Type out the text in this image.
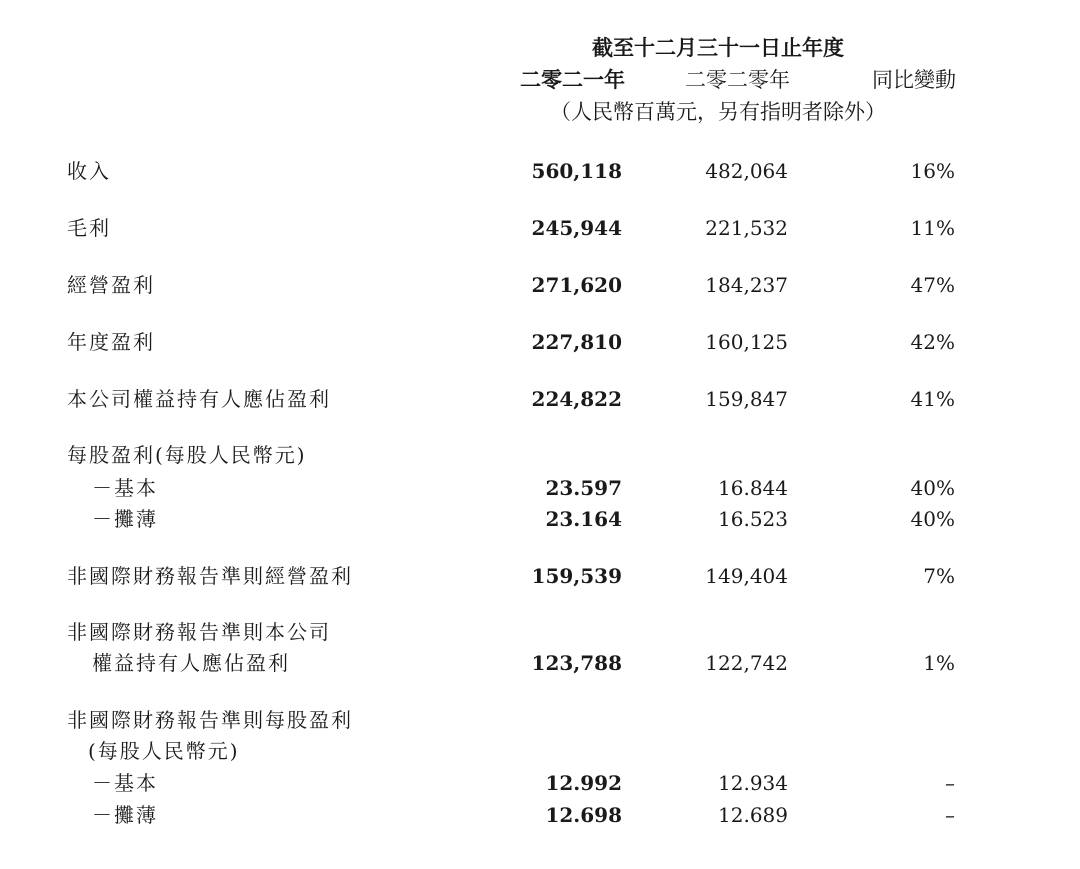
截至十二月三十一日止年度
二零二一年	二零二零年	同比變動
（人民幣百萬元，另有指明者除外）
收入	560,118	482,064	16%
毛利	245,944	221,532	11%
經營盈利	271,620	184,237	47%
年度盈利	227,810	160,125	42%
本公司權益持有人應佔盈利	224,822	159,847	41%
每股盈利(每股人民幣元)
－基本	23.597	16.844	40%
－攤薄	23.164	16.523	40%
非國際財務報告準則經營盈利	159,539	149,404	7%
非國際財務報告準則本公司
權益持有人應佔盈利	123,788	122,742	1%
非國際財務報告準則每股盈利
(每股人民幣元)
－基本	12.992	12.934	–
－攤薄	12.698	12.689	–
